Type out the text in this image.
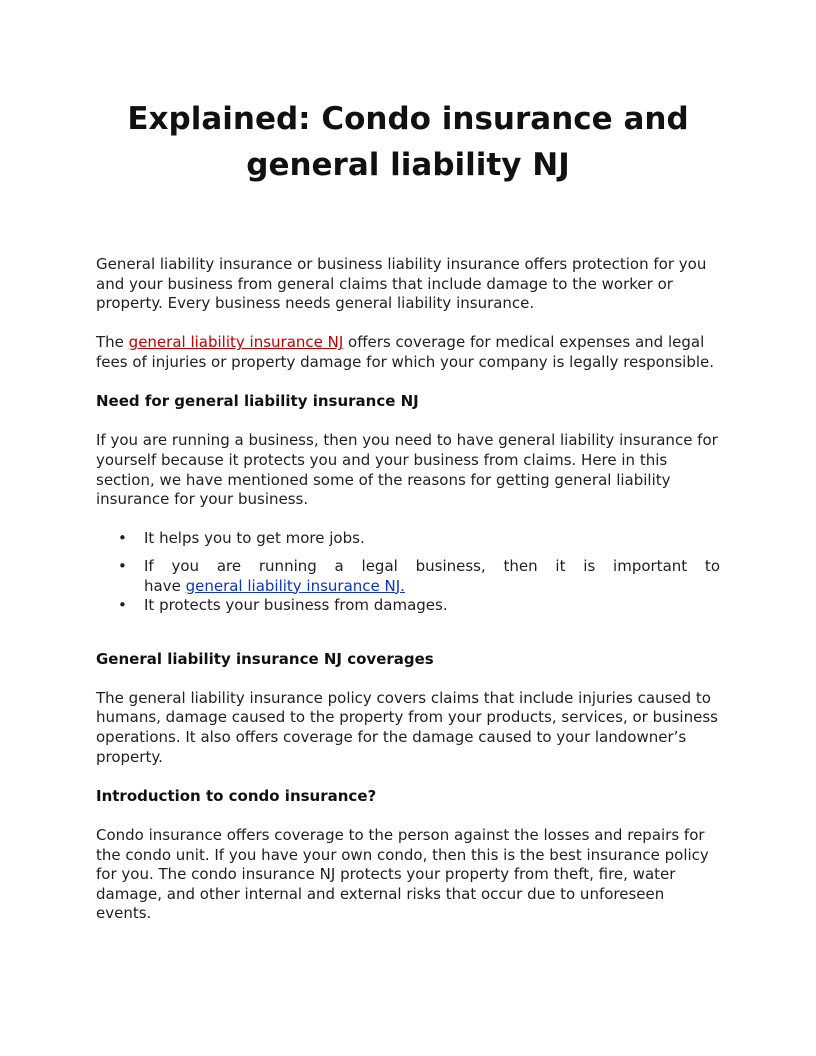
Explained: Condo insurance and
general liability NJ

General liability insurance or business liability insurance offers protection for you and your business from general claims that include damage to the worker or property. Every business needs general liability insurance.

The general liability insurance NJ offers coverage for medical expenses and legal fees of injuries or property damage for which your company is legally responsible.

Need for general liability insurance NJ

If you are running a business, then you need to have general liability insurance for yourself because it protects you and your business from claims. Here in this section, we have mentioned some of the reasons for getting general liability insurance for your business.

• It helps you to get more jobs.
• If you are running a legal business, then it is important to
have general liability insurance NJ.
• It protects your business from damages.
General liability insurance NJ coverages

The general liability insurance policy covers claims that include injuries caused to humans, damage caused to the property from your products, services, or business operations. It also offers coverage for the damage caused to your landowner’s property.

Introduction to condo insurance?

Condo insurance offers coverage to the person against the losses and repairs for the condo unit. If you have your own condo, then this is the best insurance policy for you. The condo insurance NJ protects your property from theft, fire, water damage, and other internal and external risks that occur due to unforeseen events.
